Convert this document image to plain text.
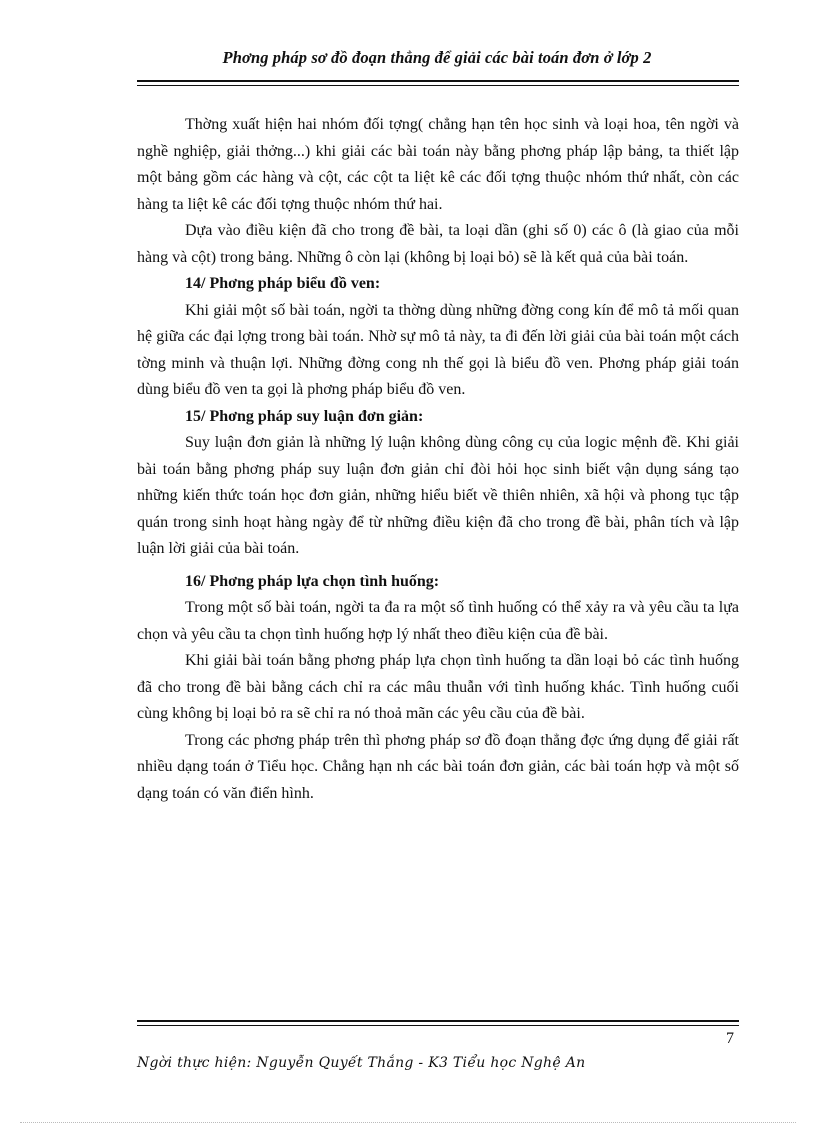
Phơng pháp sơ đồ đoạn thẳng để giải các bài toán đơn ở lớp 2

Thờng xuất hiện hai nhóm đối tợng( chẳng hạn tên học sinh và loại hoa, tên ngời và nghề nghiệp, giải thởng...) khi giải các bài toán này bằng phơng pháp lập bảng, ta thiết lập một bảng gồm các hàng và cột, các cột ta liệt kê các đối tợng thuộc nhóm thứ nhất, còn các hàng ta liệt kê các đối tợng thuộc nhóm thứ hai.

Dựa vào điều kiện đã cho trong đề bài, ta loại dần (ghi số 0) các ô (là giao của mỗi hàng và cột) trong bảng. Những ô còn lại (không bị loại bỏ) sẽ là kết quả của bài toán.

14/ Phơng pháp biểu đồ ven:

Khi giải một số bài toán, ngời ta thờng dùng những đờng cong kín để mô tả mối quan hệ giữa các đại lợng trong bài toán. Nhờ sự mô tả này, ta đi đến lời giải của bài toán một cách tờng minh và thuận lợi. Những đờng cong nh thế gọi là biểu đồ ven. Phơng pháp giải toán dùng biểu đồ ven ta gọi là phơng pháp biểu đồ ven.

15/ Phơng pháp suy luận đơn giản:

Suy luận đơn giản là những lý luận không dùng công cụ của logic mệnh đề. Khi giải bài toán bằng phơng pháp suy luận đơn giản chỉ đòi hỏi học sinh biết vận dụng sáng tạo những kiến thức toán học đơn giản, những hiểu biết về thiên nhiên, xã hội và phong tục tập quán trong sinh hoạt hàng ngày để từ những điều kiện đã cho trong đề bài, phân tích và lập luận lời giải của bài toán.

16/ Phơng pháp lựa chọn tình huống:

Trong một số bài toán, ngời ta đa ra một số tình huống có thể xảy ra và yêu cầu ta lựa chọn và yêu cầu ta chọn tình huống hợp lý nhất theo điều kiện của đề bài.

Khi giải bài toán bằng phơng pháp lựa chọn tình huống ta dần loại bỏ các tình huống đã cho trong đề bài bằng cách chỉ ra các mâu thuẫn với tình huống khác. Tình huống cuối cùng không bị loại bỏ ra sẽ chỉ ra nó thoả mãn các yêu cầu của đề bài.

Trong các phơng pháp trên thì phơng pháp sơ đồ đoạn thẳng đợc ứng dụng để giải rất nhiều dạng toán ở Tiểu học. Chẳng hạn nh các bài toán đơn giản, các bài toán hợp và một số dạng toán có văn điển hình.

7
Ngời thực hiện: Nguyễn Quyết Thắng - K3 Tiểu học Nghệ An
